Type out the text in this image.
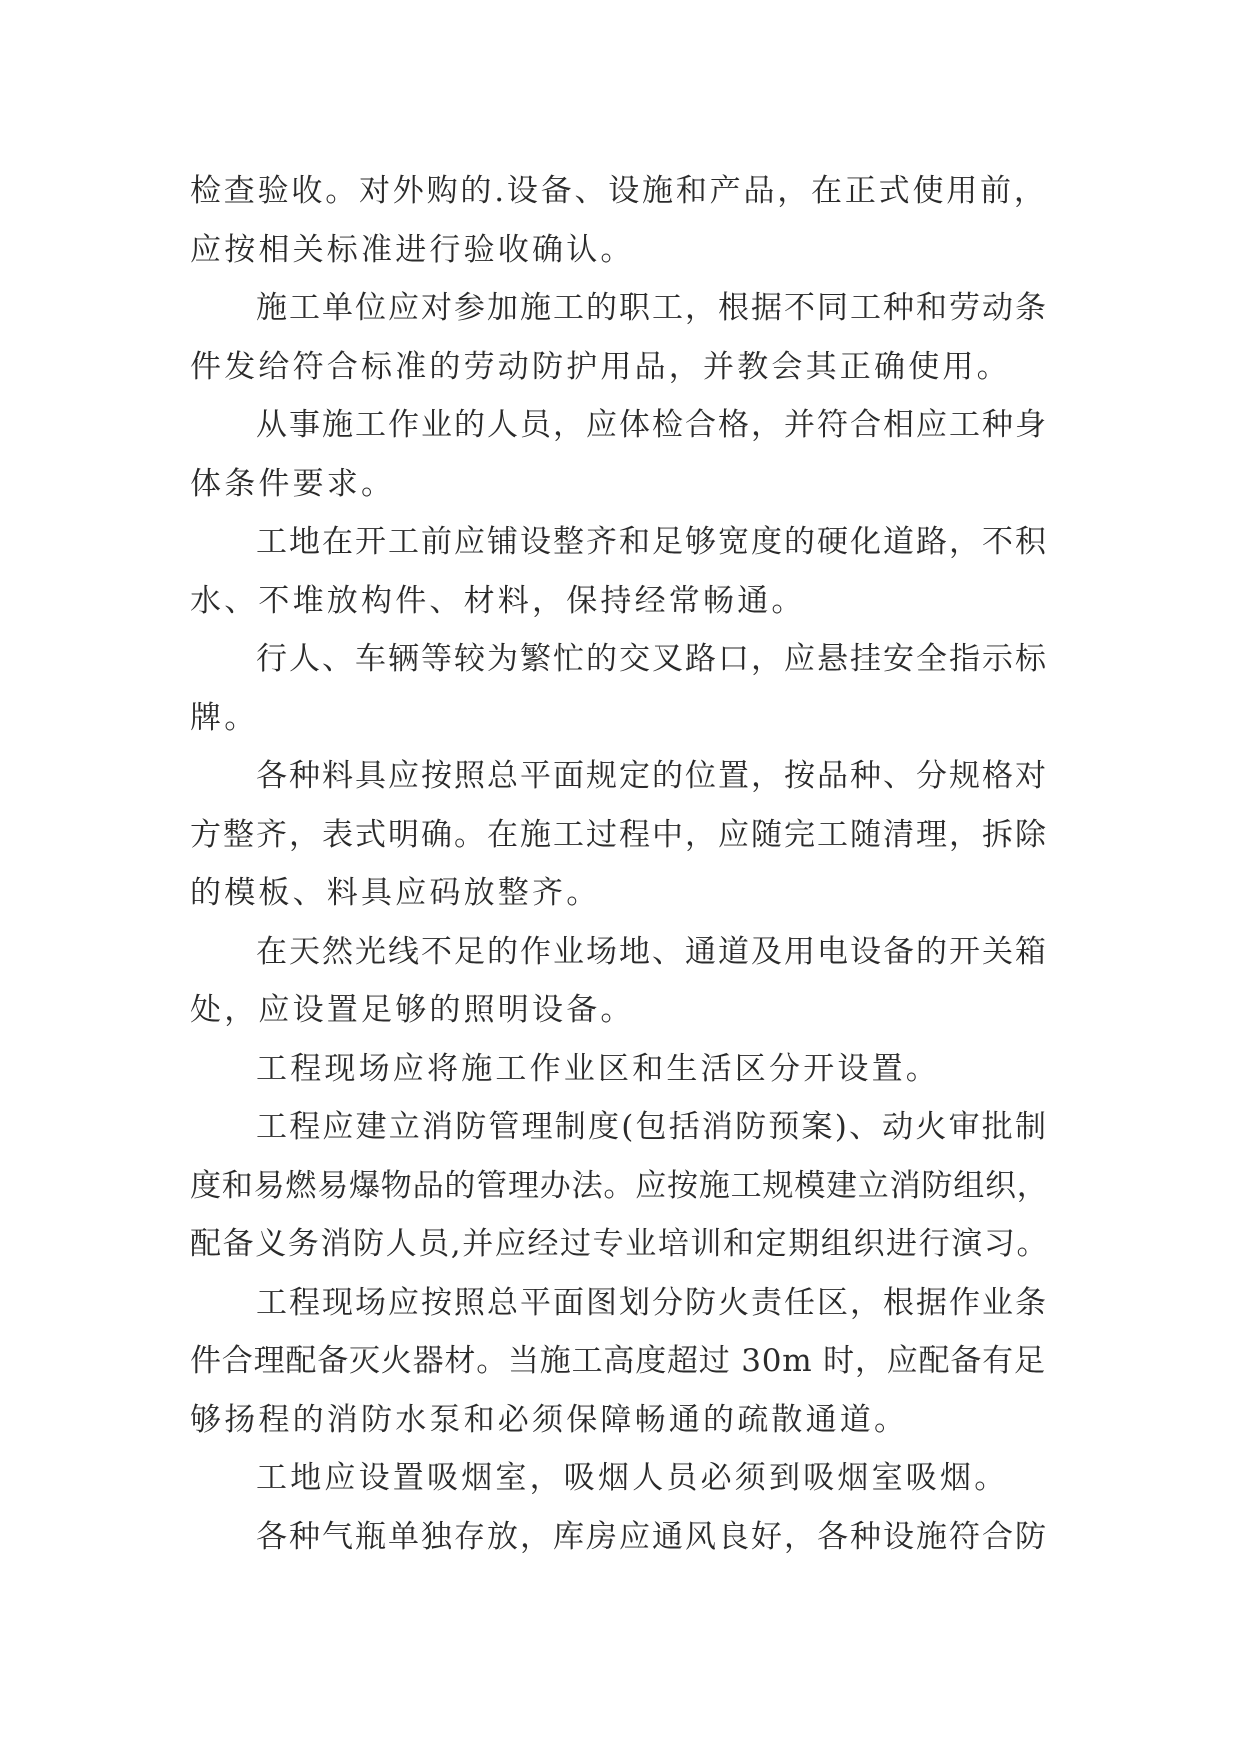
检查验收。对外购的.设备、设施和产品，在正式使用前，
应按相关标准进行验收确认。
施工单位应对参加施工的职工，根据不同工种和劳动条
件发给符合标准的劳动防护用品，并教会其正确使用。
从事施工作业的人员，应体检合格，并符合相应工种身
体条件要求。
工地在开工前应铺设整齐和足够宽度的硬化道路，不积
水、不堆放构件、材料，保持经常畅通。
行人、车辆等较为繁忙的交叉路口，应悬挂安全指示标
牌。
各种料具应按照总平面规定的位置，按品种、分规格对
方整齐，表式明确。在施工过程中，应随完工随清理，拆除
的模板、料具应码放整齐。
在天然光线不足的作业场地、通道及用电设备的开关箱
处，应设置足够的照明设备。
工程现场应将施工作业区和生活区分开设置。
工程应建立消防管理制度(包括消防预案)、动火审批制
度和易燃易爆物品的管理办法。应按施工规模建立消防组织，
配备义务消防人员,并应经过专业培训和定期组织进行演习。
工程现场应按照总平面图划分防火责任区，根据作业条
件合理配备灭火器材。当施工高度超过 30m 时，应配备有足
够扬程的消防水泵和必须保障畅通的疏散通道。
工地应设置吸烟室，吸烟人员必须到吸烟室吸烟。
各种气瓶单独存放，库房应通风良好，各种设施符合防
